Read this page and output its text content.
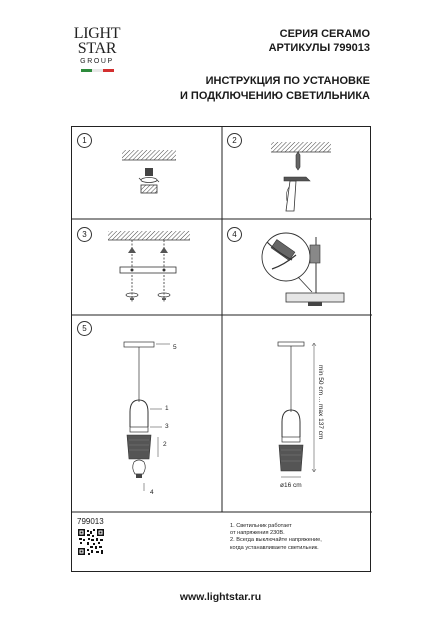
LIGHT
STAR
GROUP
СЕРИЯ CERAMO
АРТИКУЛЫ 799013
ИНСТРУКЦИЯ ПО УСТАНОВКЕ
И ПОДКЛЮЧЕНИЮ СВЕТИЛЬНИКА
1	2
3	4
5
5
1
3
2
4
min 50 cm ... max 137 cm
ø16 cm
799013	1. Светильник работает
от напряжения 230В.
2. Всегда выключайте напряжение,
когда устанавливаете светильник.
www.lightstar.ru
